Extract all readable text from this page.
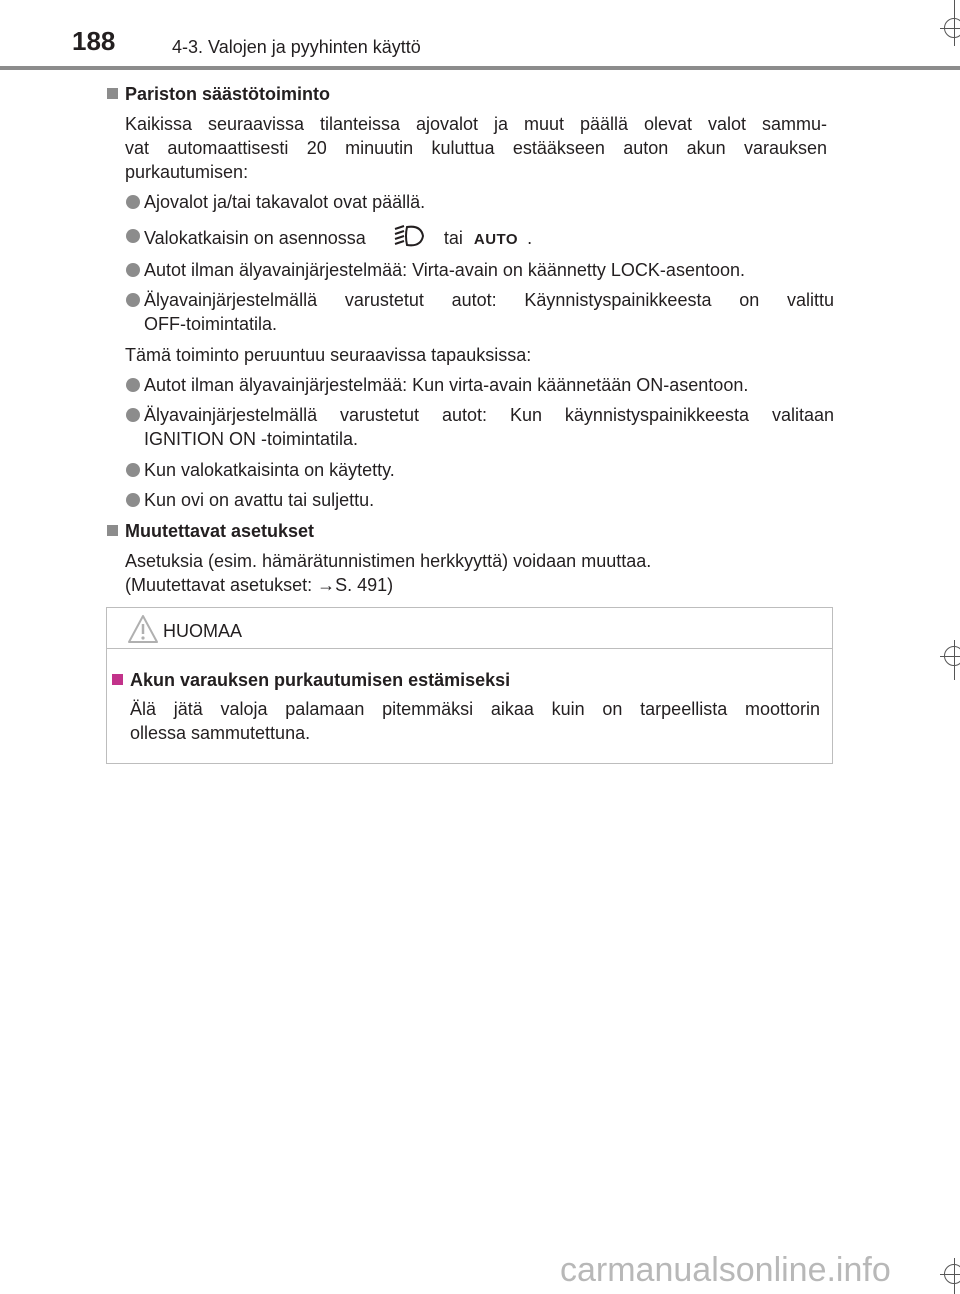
188	4-3. Valojen ja pyyhinten käyttö
Pariston säästötoiminto
Kaikissa seuraavissa tilanteissa ajovalot ja muut päällä olevat valot sammu-
vat automaattisesti 20 minuutin kuluttua estääkseen auton akun varauksen
purkautumisen:
Ajovalot ja/tai takavalot ovat päällä.
Valokatkaisin on asennossa	tai AUTO .
Autot ilman älyavainjärjestelmää: Virta-avain on käännetty LOCK-asentoon.
Älyavainjärjestelmällä varustetut autot: Käynnistyspainikkeesta on valittu
OFF-toimintatila.
Tämä toiminto peruuntuu seuraavissa tapauksissa:
Autot ilman älyavainjärjestelmää: Kun virta-avain käännetään ON-asentoon.
Älyavainjärjestelmällä varustetut autot: Kun käynnistyspainikkeesta valitaan
IGNITION ON -toimintatila.
Kun valokatkaisinta on käytetty.
Kun ovi on avattu tai suljettu.
Muutettavat asetukset
Asetuksia (esim. hämärätunnistimen herkkyyttä) voidaan muuttaa.
(Muutettavat asetukset: →S. 491)
HUOMAA
Akun varauksen purkautumisen estämiseksi
Älä jätä valoja palamaan pitemmäksi aikaa kuin on tarpeellista moottorin
ollessa sammutettuna.
carmanualsonline.info
